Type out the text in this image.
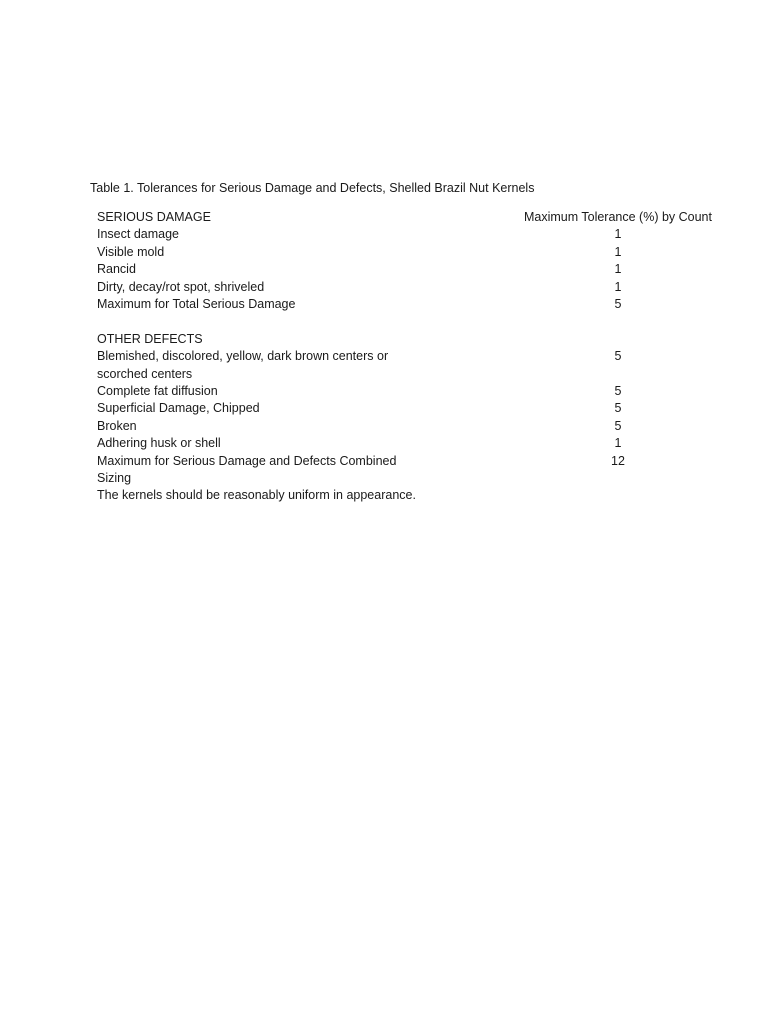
Table 1. Tolerances for Serious Damage and Defects, Shelled Brazil Nut Kernels
SERIOUS DAMAGE	Maximum Tolerance (%) by Count
Insect damage	1
Visible mold	1
Rancid	1
Dirty, decay/rot spot, shriveled	1
Maximum for Total Serious Damage	5

OTHER DEFECTS	
Blemished, discolored, yellow, dark brown centers or	5
scorched centers	
Complete fat diffusion	5
Superficial Damage, Chipped	5
Broken	5
Adhering husk or shell	1
Maximum for Serious Damage and Defects Combined	12
Sizing	
The kernels should be reasonably uniform in appearance.	
